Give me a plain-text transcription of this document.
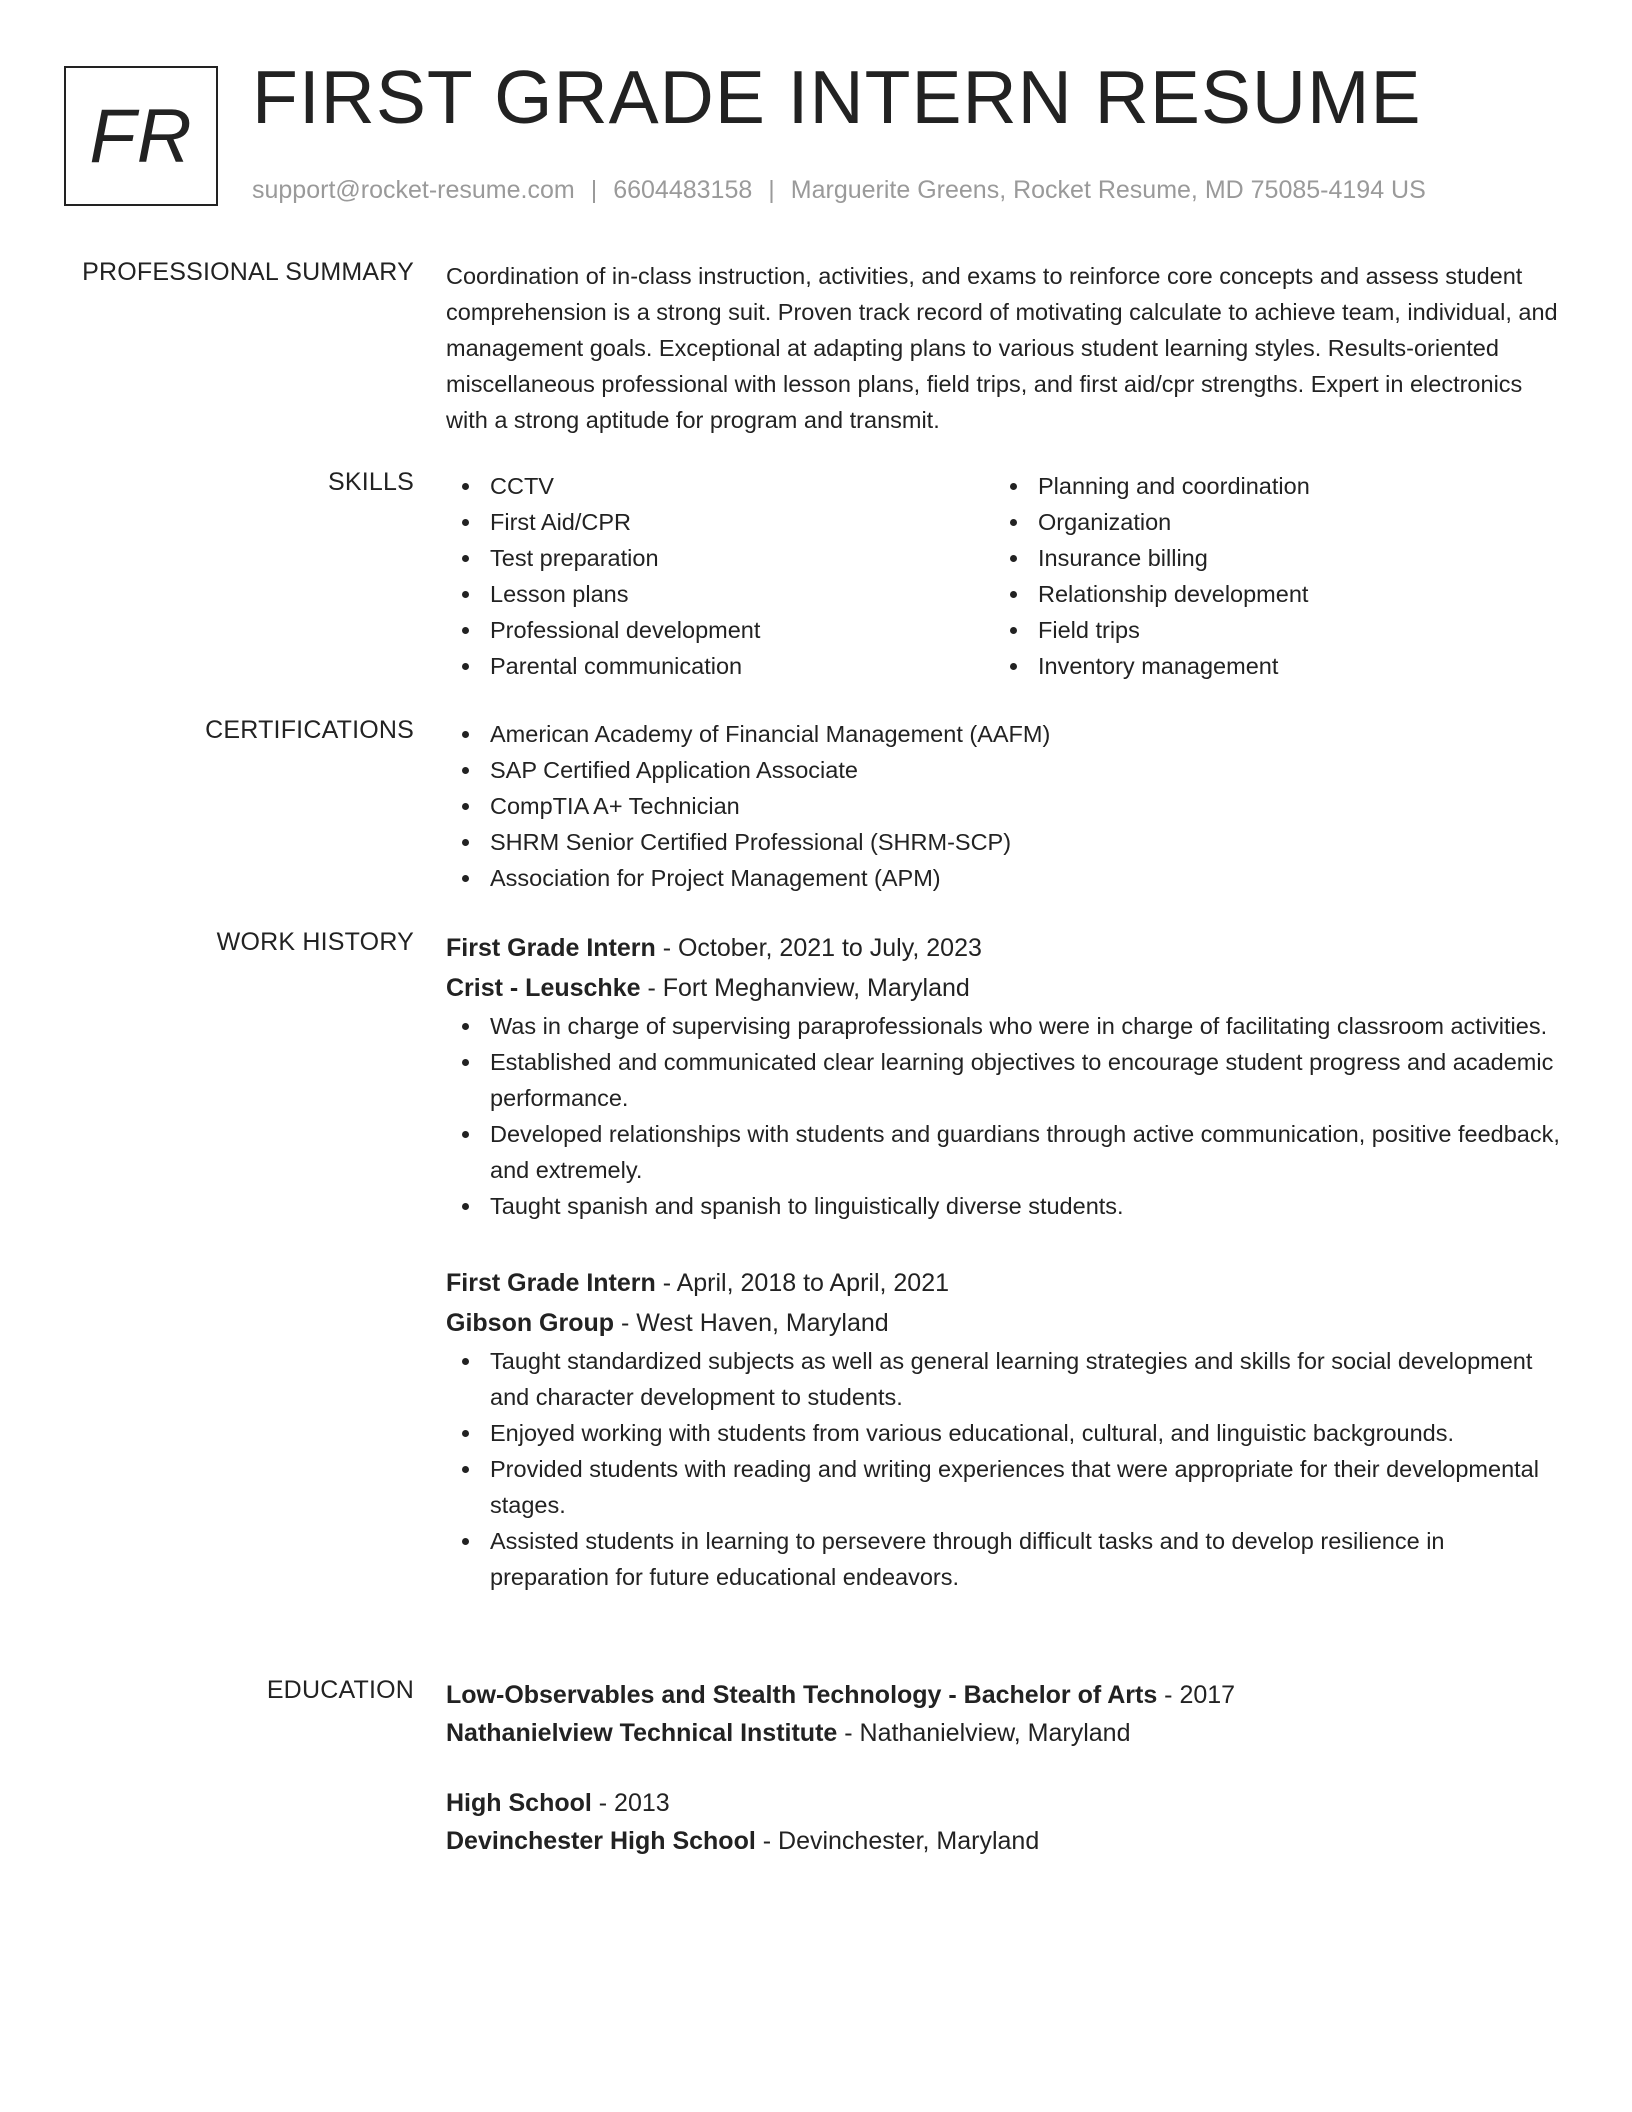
FR FIRST GRADE INTERN RESUME
support@rocket-resume.com | 6604483158 | Marguerite Greens, Rocket Resume, MD 75085-4194 US
PROFESSIONAL SUMMARY Coordination of in-class instruction, activities, and exams to reinforce core concepts and assess student comprehension is a strong suit. Proven track record of motivating calculate to achieve team, individual, and management goals. Exceptional at adapting plans to various student learning styles. Results-oriented miscellaneous professional with lesson plans, field trips, and first aid/cpr strengths. Expert in electronics with a strong aptitude for program and transmit.
SKILLS	CCTV
First Aid/CPR
Test preparation
Lesson plans
Professional development
Parental communication
Planning and coordination
Organization
Insurance billing
Relationship development
Field trips
Inventory management
CERTIFICATIONS	American Academy of Financial Management (AAFM)
SAP Certified Application Associate
CompTIA A+ Technician
SHRM Senior Certified Professional (SHRM-SCP)
Association for Project Management (APM)
WORK HISTORY First Grade Intern - October, 2021 to July, 2023
Crist - Leuschke - Fort Meghanview, Maryland
Was in charge of supervising paraprofessionals who were in charge of facilitating classroom activities.
Established and communicated clear learning objectives to encourage student progress and academic performance.
Developed relationships with students and guardians through active communication, positive feedback, and extremely.
Taught spanish and spanish to linguistically diverse students.
First Grade Intern - April, 2018 to April, 2021
Gibson Group - West Haven, Maryland
Taught standardized subjects as well as general learning strategies and skills for social development and character development to students.
Enjoyed working with students from various educational, cultural, and linguistic backgrounds.
Provided students with reading and writing experiences that were appropriate for their developmental stages.
Assisted students in learning to persevere through difficult tasks and to develop resilience in preparation for future educational endeavors.
EDUCATION Low-Observables and Stealth Technology - Bachelor of Arts - 2017
Nathanielview Technical Institute - Nathanielview, Maryland
High School - 2013
Devinchester High School - Devinchester, Maryland
